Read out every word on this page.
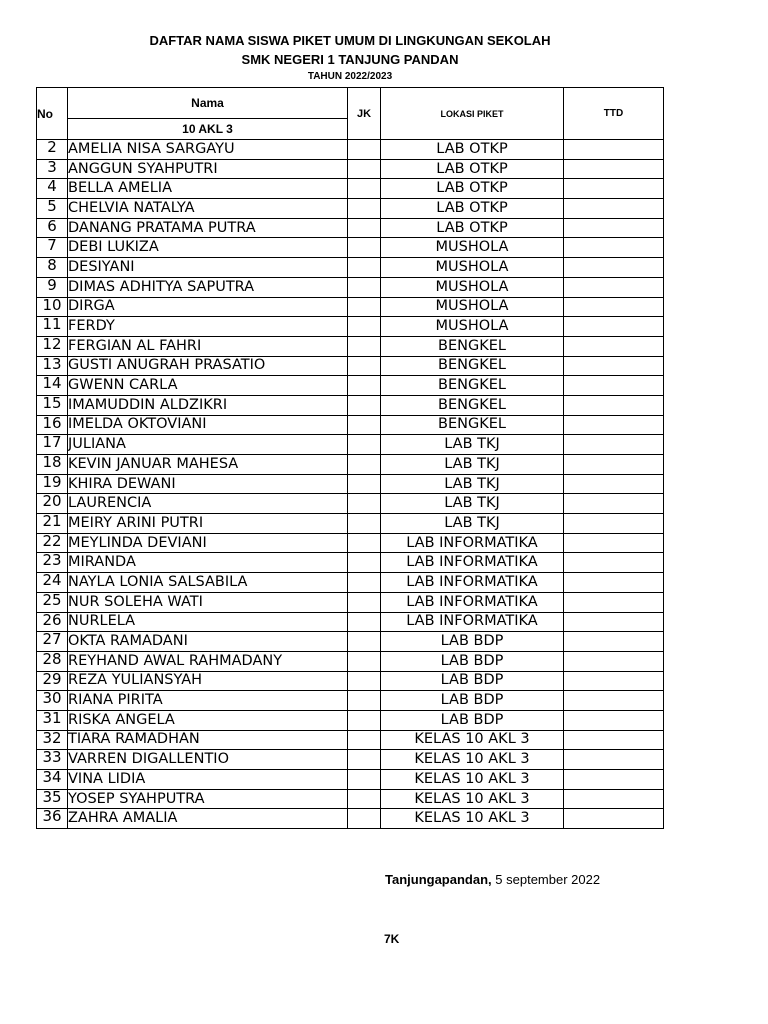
DAFTAR NAMA SISWA PIKET UMUM DI LINGKUNGAN SEKOLAH
SMK NEGERI 1 TANJUNG PANDAN
TAHUN 2022/2023
No	Nama	JK	LOKASI PIKET	TTD
	10 AKL 3			
2	AMELIA NISA SARGAYU		LAB OTKP	
3	ANGGUN SYAHPUTRI		LAB OTKP	
4	BELLA AMELIA		LAB OTKP	
5	CHELVIA NATALYA		LAB OTKP	
6	DANANG PRATAMA PUTRA		LAB OTKP	
7	DEBI LUKIZA		MUSHOLA	
8	DESIYANI		MUSHOLA	
9	DIMAS ADHITYA SAPUTRA		MUSHOLA	
10	DIRGA		MUSHOLA	
11	FERDY		MUSHOLA	
12	FERGIAN AL FAHRI		BENGKEL	
13	GUSTI ANUGRAH PRASATIO		BENGKEL	
14	GWENN CARLA		BENGKEL	
15	IMAMUDDIN ALDZIKRI		BENGKEL	
16	IMELDA OKTOVIANI		BENGKEL	
17	JULIANA		LAB TKJ	
18	KEVIN JANUAR MAHESA		LAB TKJ	
19	KHIRA DEWANI		LAB TKJ	
20	LAURENCIA		LAB TKJ	
21	MEIRY ARINI PUTRI		LAB TKJ	
22	MEYLINDA DEVIANI		LAB INFORMATIKA	
23	MIRANDA		LAB INFORMATIKA	
24	NAYLA LONIA SALSABILA		LAB INFORMATIKA	
25	NUR SOLEHA WATI		LAB INFORMATIKA	
26	NURLELA		LAB INFORMATIKA	
27	OKTA RAMADANI		LAB BDP	
28	REYHAND AWAL RAHMADANY		LAB BDP	
29	REZA YULIANSYAH		LAB BDP	
30	RIANA PIRITA		LAB BDP	
31	RISKA ANGELA		LAB BDP	
32	TIARA RAMADHAN		KELAS 10 AKL 3	
33	VARREN DIGALLENTIO		KELAS 10 AKL 3	
34	VINA LIDIA		KELAS 10 AKL 3	
35	YOSEP SYAHPUTRA		KELAS 10 AKL 3	
36	ZAHRA AMALIA		KELAS 10 AKL 3	
Tanjungapandan, 5 september 2022
7K
